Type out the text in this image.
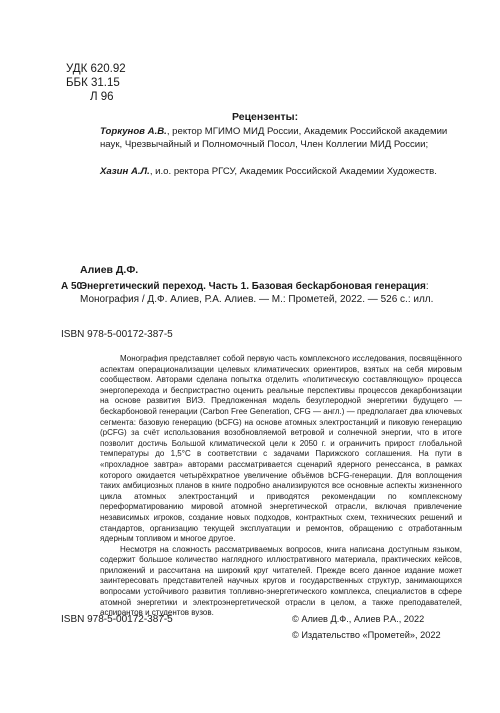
УДК 620.92
ББК 31.15
Л 96
Рецензенты:
Торкунов А.В., ректор МГИМО МИД России, Академик Российской академии наук, Чрезвычайный и Полномочный Посол, Член Коллегии МИД России;
Хазин А.Л., и.о. ректора РГСУ, Академик Российской Академии Художеств.
Алиев Д.Ф.
А 50
Энергетический переход. Часть 1. Базовая бесkарбоновая генерация: Монография / Д.Ф. Алиев, Р.А. Алиев. — М.: Прометей, 2022. — 526 с.: илл.
ISBN 978-5-00172-387-5

Монография представляет собой первую часть комплексного исследования, посвящённого аспектам операционализации целевых климатических ориентиров, взятых на себя мировым сообществом. Авторами сделана попытка отделить «политическую составляющую» процесса энергоперехода и беспристрастно оценить реальные перспективы процессов декарбонизации на основе развития ВИЭ. Предложенная модель безуглеродной энергетики будущего — бесkарбоновой генерации (Carbon Free Generation, CFG — англ.) — предполагает два ключевых сегмента: базовую генерацию (bCFG) на основе атомных электростанций и пиковую генерацию (pCFG) за счёт использования возобновляемой ветровой и солнечной энергии, что в итоге позволит достичь Большой климатической цели к 2050 г. и ограничить прирост глобальной температуры до 1,5°С в соответствии с задачами Парижского соглашения. На пути в «прохладное завтра» авторами рассматривается сценарий ядерного ренессанса, в рамках которого ожидается четырёхкратное увеличение объёмов bCFG-генерации. Для воплощения таких амбициозных планов в книге подробно анализируются все основные аспекты жизненного цикла атомных электростанций и приводятся рекомендации по комплексному переформатированию мировой атомной энергетической отрасли, включая привлечение независимых игроков, создание новых подходов, контрактных схем, технических решений и стандартов, организацию текущей эксплуатации и ремонтов, обращению с отработанным ядерным топливом и многое другое.

Несмотря на сложность рассматриваемых вопросов, книга написана доступным языком, содержит большое количество наглядного иллюстративного материала, практических кейсов, приложений и рассчитана на широкий круг читателей. Прежде всего данное издание может заинтересовать представителей научных кругов и государственных структур, занимающихся вопросами устойчивого развития топливно-энергетического комплекса, специалистов в сфере атомной энергетики и электроэнергетической отрасли в целом, а также преподавателей, аспирантов и студентов вузов.

ISBN 978-5-00172-387-5	© Алиев Д.Ф., Алиев Р.А., 2022
© Издательство «Прометей», 2022
